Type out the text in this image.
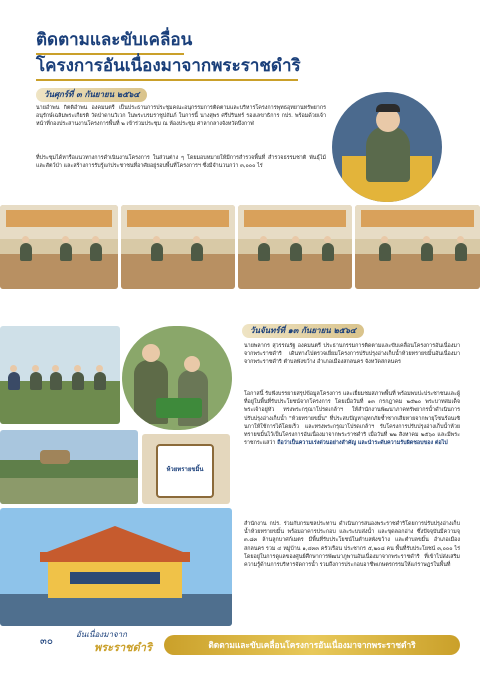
ติดตามและขับเคลื่อน
โครงการอันเนื่องมาจากพระราชดำริ
วันศุกร์ที่ ๓ กันยายน ๒๕๖๔
นายอำพน กิตติอำพน องคมนตรี เป็นประธานการประชุมคณะอนุกรรมการติดตามและบริหารโครงการพุทธอุทยานทรัพยากรอนุรักษ์เฉลิมพระเกียรติ วัดป่าดานวิเวก ในพระบรมราชูปถัมภ์ ในการนี้ นางสุพร ศรีปรินทร์ รองเลขาธิการ กปร. พร้อมด้วยเจ้าหน้าที่กองประสานงานโครงการพื้นที่ ๒ เข้าร่วมประชุม ณ ห้องประชุม ศาลากลางจังหวัดบึงกาฬ
ที่ประชุมได้หารือแนวทางการดำเนินงานโครงการ ในส่วนต่าง ๆ โดยมอบหมายให้มีการสำรวจพื้นที่ สำรวจธรรมชาติ พันธุ์ไม้และสัตว์ป่า และสร้างการรับรู้แก่ประชาชนที่อาศัยอยู่รอบพื้นที่โครงการฯ ซึ่งมีจำนวนกว่า ๓,๐๐๐ ไร่
ห้วยทรายขมิ้น
วันจันทร์ที่ ๑๓ กันยายน ๒๕๖๔
นายพลากร สุวรรณรัฐ องคมนตรี ประธานกรรมการติดตามและขับเคลื่อนโครงการอันเนื่องมาจากพระราชดำริ เดินทางไปตรวจเยี่ยมโครงการปรับปรุงอ่างเก็บน้ำห้วยทรายขมิ้นอันเนื่องมาจากพระราชดำริ ตำบลพังขว้าง อำเภอเมืองสกลนคร จังหวัดสกลนคร
โอกาสนี้ รับฟังบรรยายสรุปข้อมูลโครงการ และเยี่ยมชมสภาพพื้นที่ พร้อมพบปะประชาชนและผู้ที่อยู่ในพื้นที่รับประโยชน์จากโครงการ โดยเมื่อวันที่ ๑๓ กรกฎาคม ๒๕๒๐ พระบาทสมเด็จพระเจ้าอยู่หัว ทรงพระกรุณาโปรดเกล้าฯ ให้สำนักงานพัฒนาภาคทรัพยากรน้ำดำเนินการปรับปรุงอ่างเก็บน้ำ "ห้วยทรายขมิ้น" ที่ประสบปัญหาอุทกภัยซ้ำซากเสียหายจากพายุโซนร้อนเซินกาให้ใช้การได้โดยเร็ว และทรงพระกรุณาโปรดเกล้าฯ รับโครงการปรับปรุงอ่างเก็บน้ำห้วยทรายขมิ้นไว้เป็นโครงการอันเนื่องมาจากพระราชดำริ เมื่อวันที่ ๒๒ สิงหาคม ๒๕๖๐ และมีพระราชกระแสว่า ถือว่าเป็นความเร่งด่วนอย่างสำคัญ และนำระดับความรับผิดชอบของ ต่อไป
สำนักงาน กปร. ร่วมกับกรมชลประทาน ดำเนินการสนองพระราชดำริโดยการปรับปรุงอ่างเก็บน้ำห้วยทรายขมิ้น พร้อมอาคารประกอบ และระบบส่งน้ำ และขุดลอกอ่าง ซึ่งปัจจุบันมีความจุ ๓.๘๓ ล้านลูกบาศก์เมตร มีพื้นที่รับประโยชน์ในตำบลพังขว้าง และตำบลขมิ้น อำเภอเมืองสกลนคร รวม ๔ หมู่บ้าน ๑,๔๓๓ ครัวเรือน ประชากร ๕,๒๐๘ คน พื้นที่รับประโยชน์ ๓,๐๐๐ ไร่ โดยอยู่ในการดูแลของศูนย์ศึกษาการพัฒนาภูพานอันเนื่องมาจากพระราชดำริ ที่เข้าไปส่งเสริมความรู้ด้านการบริหารจัดการน้ำ รวมถึงการประกอบอาชีพเกษตรกรรมให้แก่ราษฎรในพื้นที่
๓๐
อันเนื่องมาจาก
พระราชดำริ	ติดตามและขับเคลื่อนโครงการอันเนื่องมาจากพระราชดำริ
